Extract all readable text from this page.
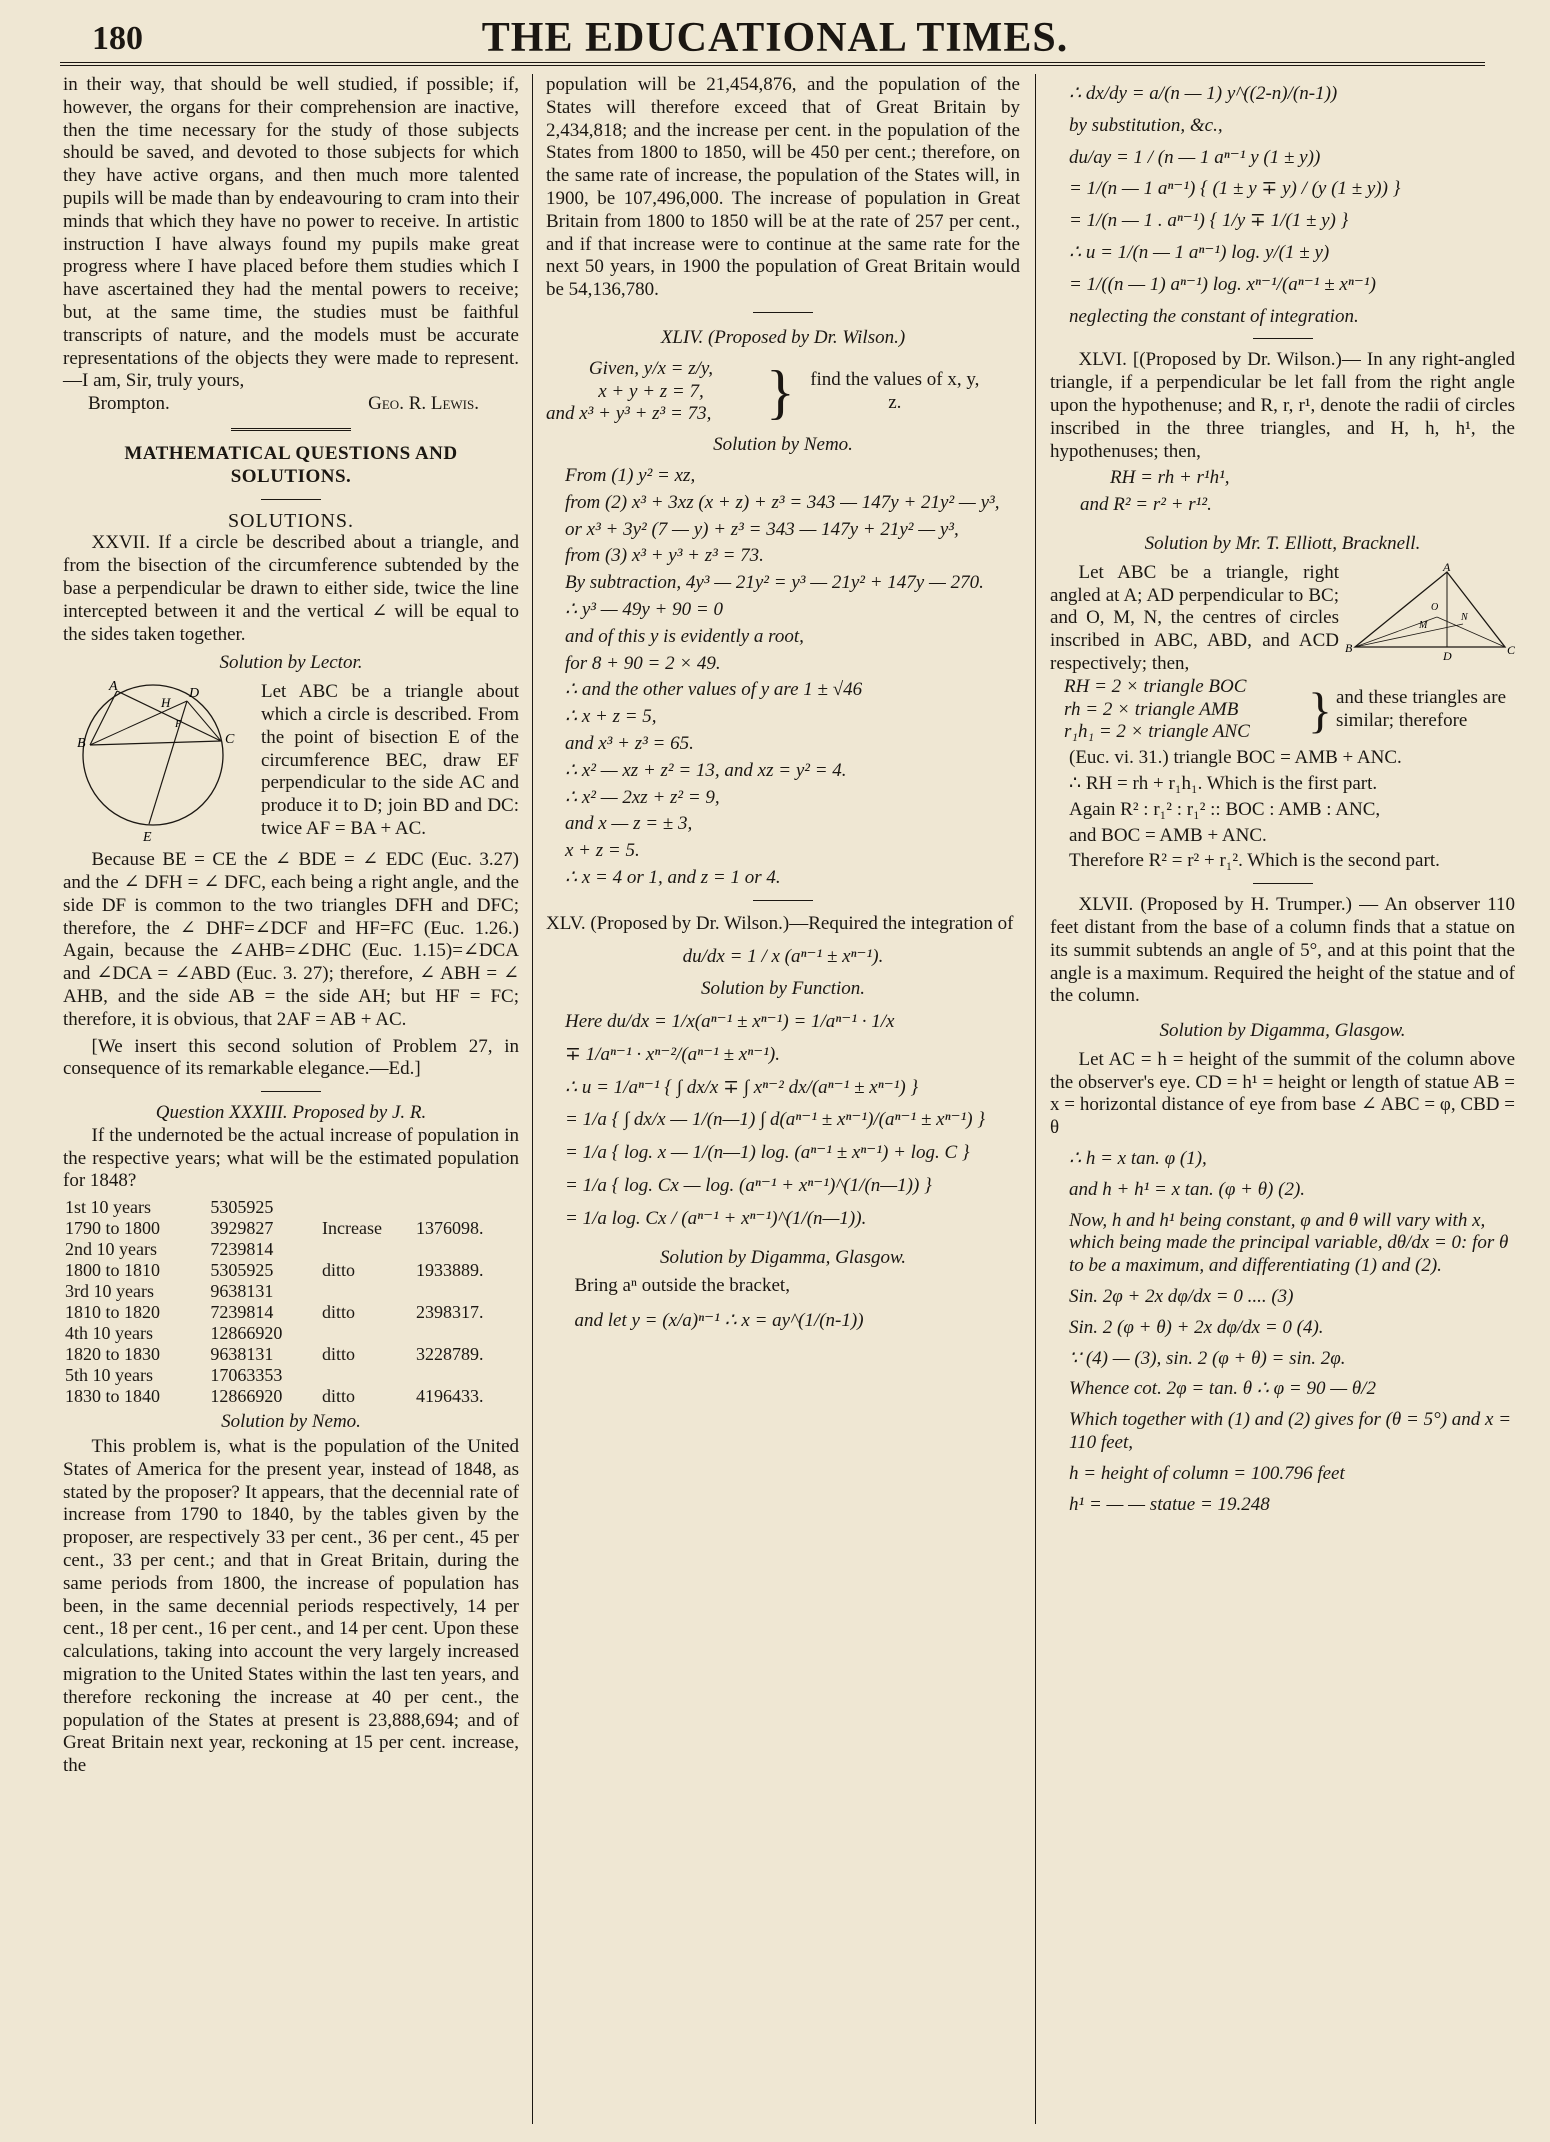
180	THE EDUCATIONAL TIMES.

in their way, that should be well studied, if possible; if, however, the organs for their comprehension are inactive, then the time necessary for the study of those subjects should be saved, and devoted to those subjects for which they have active organs, and then much more talented pupils will be made than by endeavouring to cram into their minds that which they have no power to receive. In artistic instruction I have always found my pupils make great progress where I have placed before them studies which I have ascertained they had the mental powers to receive; but, at the same time, the studies must be faithful transcripts of nature, and the models must be accurate representations of the objects they were made to represent.—I am, Sir, truly yours,

Brompton.	Geo. R. Lewis.

MATHEMATICAL QUESTIONS AND SOLUTIONS.

SOLUTIONS.

XXVII. If a circle be described about a triangle, and from the bisection of the circumference subtended by the base a perpendicular be drawn to either side, twice the line intercepted between it and the vertical ∠ will be equal to the sides taken together.

Solution by Lector.

A
B	C
D
E
F
H

Let ABC be a triangle about which a circle is described. From the point of bisection E of the circumference BEC, draw EF perpendicular to the side AC and produce it to D; join BD and DC: twice AF = BA + AC.

Because BE = CE the ∠ BDE = ∠ EDC (Euc. 3.27) and the ∠ DFH = ∠ DFC, each being a right angle, and the side DF is common to the two triangles DFH and DFC; therefore, the ∠ DHF=∠DCF and HF=FC (Euc. 1.26.) Again, because the ∠AHB=∠DHC (Euc. 1.15)=∠DCA and ∠DCA = ∠ABD (Euc. 3. 27); therefore, ∠ ABH = ∠ AHB, and the side AB = the side AH; but HF = FC; therefore, it is obvious, that 2AF = AB + AC.

[We insert this second solution of Problem 27, in consequence of its remarkable elegance.—Ed.]

Question XXXIII. Proposed by J. R.

If the undernoted be the actual increase of population in the respective years; what will be the estimated population for 1848?

1st 10 years	5305925		
1790 to 1800	3929827	Increase	1376098.
2nd 10 years	7239814		
1800 to 1810	5305925	ditto	1933889.
3rd 10 years	9638131		
1810 to 1820	7239814	ditto	2398317.
4th 10 years	12866920		
1820 to 1830	9638131	ditto	3228789.
5th 10 years	17063353		
1830 to 1840	12866920	ditto	4196433.

Solution by Nemo.

This problem is, what is the population of the United States of America for the present year, instead of 1848, as stated by the proposer? It appears, that the decennial rate of increase from 1790 to 1840, by the tables given by the proposer, are respectively 33 per cent., 36 per cent., 45 per cent., 33 per cent.; and that in Great Britain, during the same periods from 1800, the increase of population has been, in the same decennial periods respectively, 14 per cent., 18 per cent., 16 per cent., and 14 per cent. Upon these calculations, taking into account the very largely increased migration to the United States within the last ten years, and therefore reckoning the increase at 40 per cent., the population of the States at present is 23,888,694; and of Great Britain next year, reckoning at 15 per cent. increase, the

population will be 21,454,876, and the population of the States will therefore exceed that of Great Britain by 2,434,818; and the increase per cent. in the population of the States from 1800 to 1850, will be 450 per cent.; therefore, on the same rate of increase, the population of the States will, in 1900, be 107,496,000. The increase of population in Great Britain from 1800 to 1850 will be at the rate of 257 per cent., and if that increase were to continue at the same rate for the next 50 years, in 1900 the population of Great Britain would be 54,136,780.

XLIV. (Proposed by Dr. Wilson.)

Given, y/x = z/y,

x + y + z = 7,

and x³ + y³ + z³ = 73, } find the values of x, y, z.

Solution by Nemo.

From (1) y² = xz,

from (2) x³ + 3xz (x + z) + z³ = 343 — 147y + 21y² — y³,

or x³ + 3y² (7 — y) + z³ = 343 — 147y + 21y² — y³,

from (3) x³ + y³ + z³ = 73.

By subtraction, 4y³ — 21y² = y³ — 21y² + 147y — 270.

∴ y³ — 49y + 90 = 0

and of this y is evidently a root,

for 8 + 90 = 2 × 49.

∴ and the other values of y are 1 ± √46

∴ x + z = 5,

and x³ + z³ = 65.

∴ x² — xz + z² = 13, and xz = y² = 4.

∴ x² — 2xz + z² = 9,

and x — z = ± 3,

x + z = 5.

∴ x = 4 or 1, and z = 1 or 4.

XLV. (Proposed by Dr. Wilson.)—Required the integration of

du/dx = 1 / x (aⁿ⁻¹ ± xⁿ⁻¹).

Solution by Function.

Here du/dx = 1/x(aⁿ⁻¹ ± xⁿ⁻¹) = 1/aⁿ⁻¹ · 1/x

∓ 1/aⁿ⁻¹ · xⁿ⁻²/(aⁿ⁻¹ ± xⁿ⁻¹).

∴ u = 1/aⁿ⁻¹ { ∫ dx/x ∓ ∫ xⁿ⁻² dx/(aⁿ⁻¹ ± xⁿ⁻¹) }

= 1/a { ∫ dx/x — 1/(n—1) ∫ d(aⁿ⁻¹ ± xⁿ⁻¹)/(aⁿ⁻¹ ± xⁿ⁻¹) }

= 1/a { log. x — 1/(n—1) log. (aⁿ⁻¹ ± xⁿ⁻¹) + log. C }

= 1/a { log. Cx — log. (aⁿ⁻¹ + xⁿ⁻¹)^(1/(n—1)) }

= 1/a log. Cx / (aⁿ⁻¹ + xⁿ⁻¹)^(1/(n—1)).

Solution by Digamma, Glasgow.

Bring aⁿ outside the bracket,

and let y = (x/a)ⁿ⁻¹ ∴ x = ay^(1/(n-1))

∴ dx/dy = a/(n — 1) y^((2-n)/(n-1))

by substitution, &c.,

du/ay = 1 / (n — 1 aⁿ⁻¹ y (1 ± y))

= 1/(n — 1 aⁿ⁻¹) { (1 ± y ∓ y) / (y (1 ± y)) }

= 1/(n — 1 . aⁿ⁻¹) { 1/y ∓ 1/(1 ± y) }

∴ u = 1/(n — 1 aⁿ⁻¹) log. y/(1 ± y)

= 1/((n — 1) aⁿ⁻¹) log. xⁿ⁻¹/(aⁿ⁻¹ ± xⁿ⁻¹)

neglecting the constant of integration.

XLVI. [(Proposed by Dr. Wilson.)— In any right-angled triangle, if a perpendicular be let fall from the right angle upon the hypothenuse; and R, r, r¹, denote the radii of circles inscribed in the three triangles, and H, h, h¹, the hypothenuses; then,

RH = rh + r¹h¹,

and R² = r² + r¹².

Solution by Mr. T. Elliott, Bracknell.

A
B	C
D
O
M
N

Let ABC be a triangle, right angled at A; AD perpendicular to BC; and O, M, N, the centres of circles inscribed in ABC, ABD, and ACD respectively; then,

RH = 2 × triangle BOC

rh = 2 × triangle AMB

r₁h₁ = 2 × triangle ANC	} and these triangles are similar; therefore

(Euc. vi. 31.) triangle BOC = AMB + ANC.

∴ RH = rh + r₁h₁. Which is the first part.

Again R² : r₁² : r₁² :: BOC : AMB : ANC,

and BOC = AMB + ANC.

Therefore R² = r² + r₁². Which is the second part.

XLVII. (Proposed by H. Trumper.) — An observer 110 feet distant from the base of a column finds that a statue on its summit subtends an angle of 5°, and at this point that the angle is a maximum. Required the height of the statue and of the column.

Solution by Digamma, Glasgow.

Let AC = h = height of the summit of the column above the observer's eye. CD = h¹ = height or length of statue AB = x = horizontal distance of eye from base ∠ ABC = φ, CBD = θ

∴ h = x tan. φ (1),

and h + h¹ = x tan. (φ + θ) (2).

Now, h and h¹ being constant, φ and θ will vary with x, which being made the principal variable, dθ/dx = 0: for θ to be a maximum, and differentiating (1) and (2).

Sin. 2φ + 2x dφ/dx = 0 .... (3)

Sin. 2 (φ + θ) + 2x dφ/dx = 0 (4).

∵ (4) — (3), sin. 2 (φ + θ) = sin. 2φ.

Whence cot. 2φ = tan. θ ∴ φ = 90 — θ/2

Which together with (1) and (2) gives for (θ = 5°) and x = 110 feet,

h = height of column = 100.796 feet

h¹ = — — statue = 19.248
